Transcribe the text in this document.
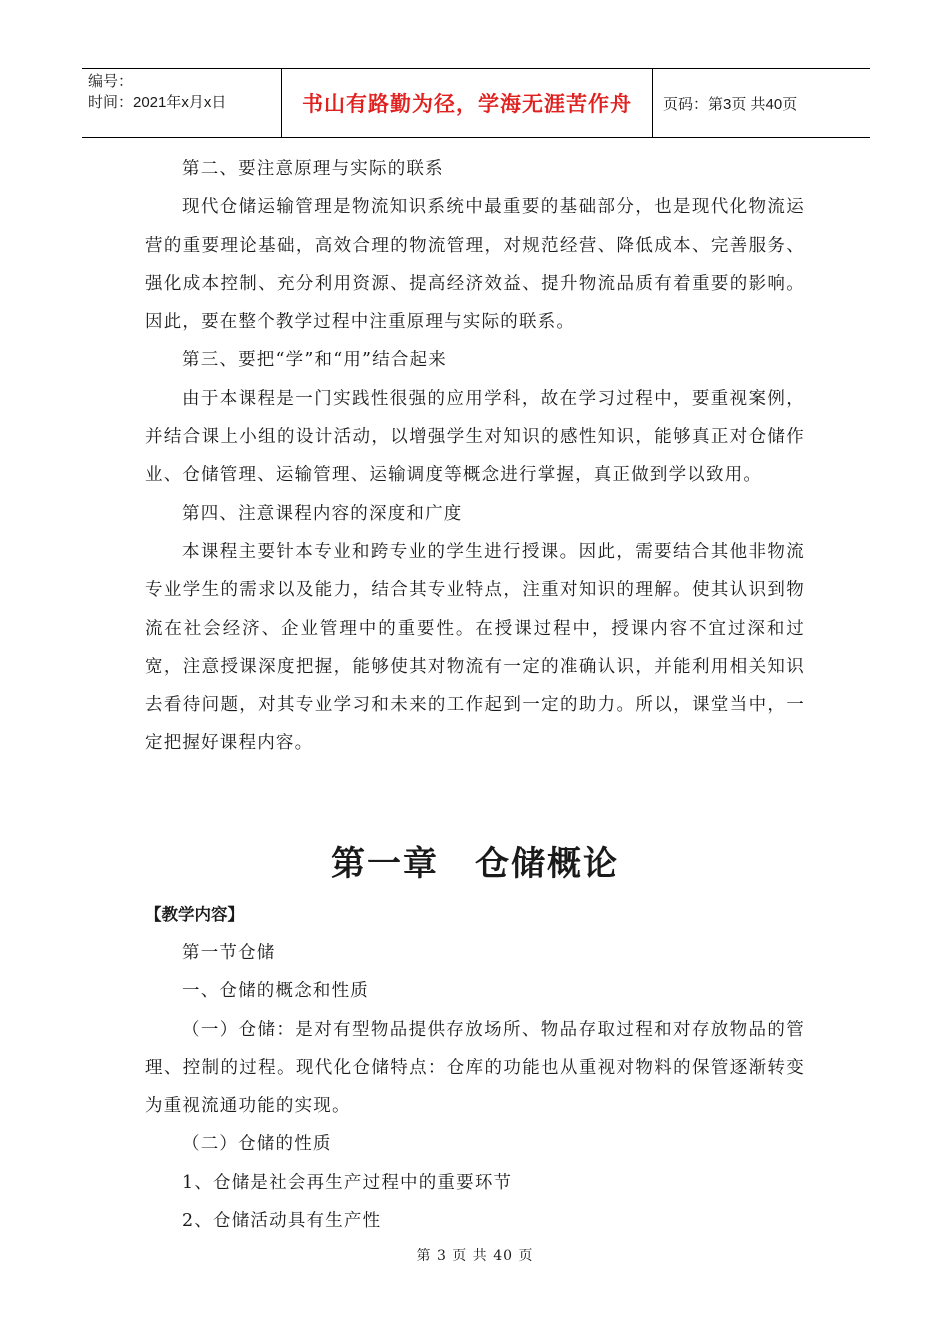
编号：
时间：2021年x月x日	书山有路勤为径，学海无涯苦作舟	页码：第3页 共40页

第二、要注意原理与实际的联系

现代仓储运输管理是物流知识系统中最重要的基础部分，也是现代化物流运营的重要理论基础，高效合理的物流管理，对规范经营、降低成本、完善服务、强化成本控制、充分利用资源、提高经济效益、提升物流品质有着重要的影响。因此，要在整个教学过程中注重原理与实际的联系。

第三、要把“学”和“用”结合起来

由于本课程是一门实践性很强的应用学科，故在学习过程中，要重视案例，并结合课上小组的设计活动，以增强学生对知识的感性知识，能够真正对仓储作业、仓储管理、运输管理、运输调度等概念进行掌握，真正做到学以致用。

第四、注意课程内容的深度和广度

本课程主要针本专业和跨专业的学生进行授课。因此，需要结合其他非物流专业学生的需求以及能力，结合其专业特点，注重对知识的理解。使其认识到物流在社会经济、企业管理中的重要性。在授课过程中，授课内容不宜过深和过宽，注意授课深度把握，能够使其对物流有一定的准确认识，并能利用相关知识去看待问题，对其专业学习和未来的工作起到一定的助力。所以，课堂当中，一定把握好课程内容。

第一章　仓储概论

【教学内容】

第一节仓储

一、仓储的概念和性质

（一）仓储：是对有型物品提供存放场所、物品存取过程和对存放物品的管理、控制的过程。现代化仓储特点：仓库的功能也从重视对物料的保管逐渐转变为重视流通功能的实现。

（二）仓储的性质

1、仓储是社会再生产过程中的重要环节

2、仓储活动具有生产性

第 3 页 共 40 页
